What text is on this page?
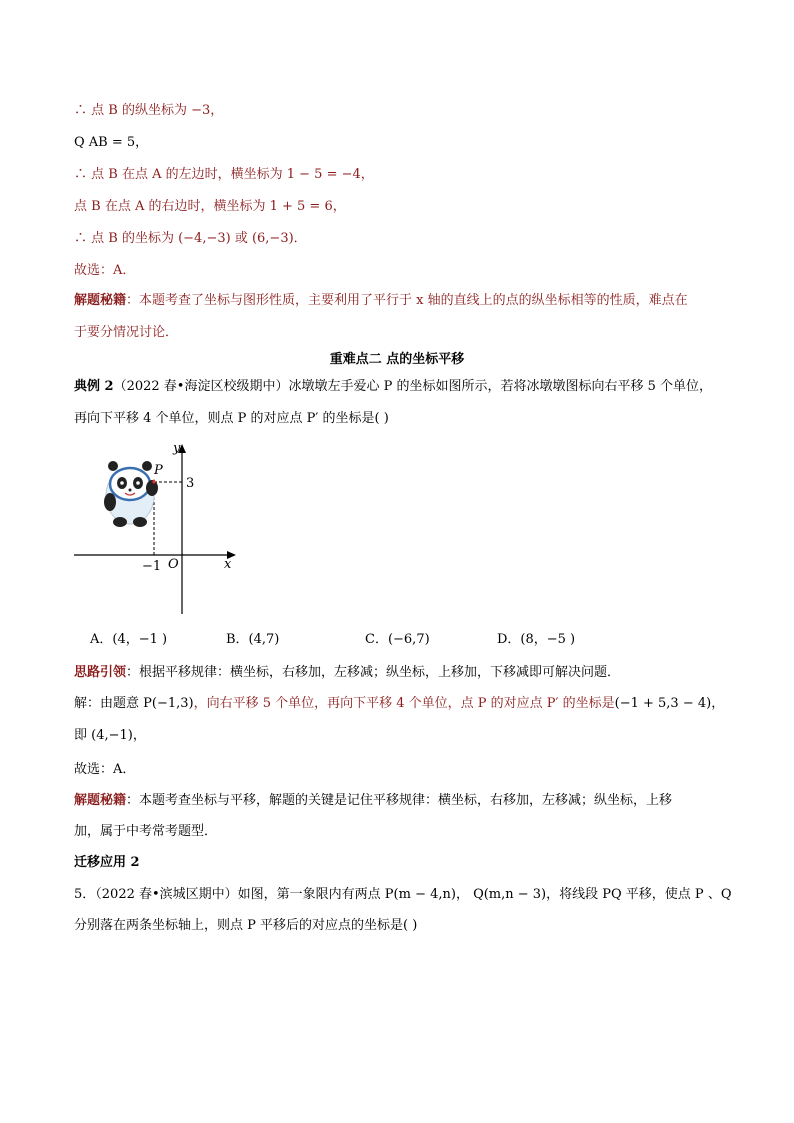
∴ 点 B 的纵坐标为 −3，
Q AB = 5，
∴ 点 B 在点 A 的左边时，横坐标为 1 − 5 = −4，
点 B 在点 A 的右边时，横坐标为 1 + 5 = 6，
∴ 点 B 的坐标为 (−4,−3) 或 (6,−3)．
故选：A．
解题秘籍：本题考查了坐标与图形性质，主要利用了平行于 x 轴的直线上的点的纵坐标相等的性质，难点在
于要分情况讨论．
重难点二 点的坐标平移
典例 2（2022 春•海淀区校级期中）冰墩墩左手爱心 P 的坐标如图所示，若将冰墩墩图标向右平移 5 个单位，
再向下平移 4 个单位，则点 P 的对应点 P′ 的坐标是( )
y
x
O
P
3
−1
A．(4，−1 )	B．(4,7)	C．(−6,7)	D．(8，−5 )
思路引领：根据平移规律：横坐标，右移加，左移减；纵坐标，上移加，下移减即可解决问题．
解：由题意 P(−1,3)，向右平移 5 个单位，再向下平移 4 个单位，点 P 的对应点 P′ 的坐标是(−1 + 5,3 − 4)，
即 (4,−1)，
故选：A．
解题秘籍：本题考查坐标与平移，解题的关键是记住平移规律：横坐标，右移加，左移减；纵坐标，上移
加，属于中考常考题型．
迁移应用 2
5．（2022 春•滨城区期中）如图，第一象限内有两点 P(m − 4,n)， Q(m,n − 3)，将线段 PQ 平移，使点 P 、Q
分别落在两条坐标轴上，则点 P 平移后的对应点的坐标是( )
